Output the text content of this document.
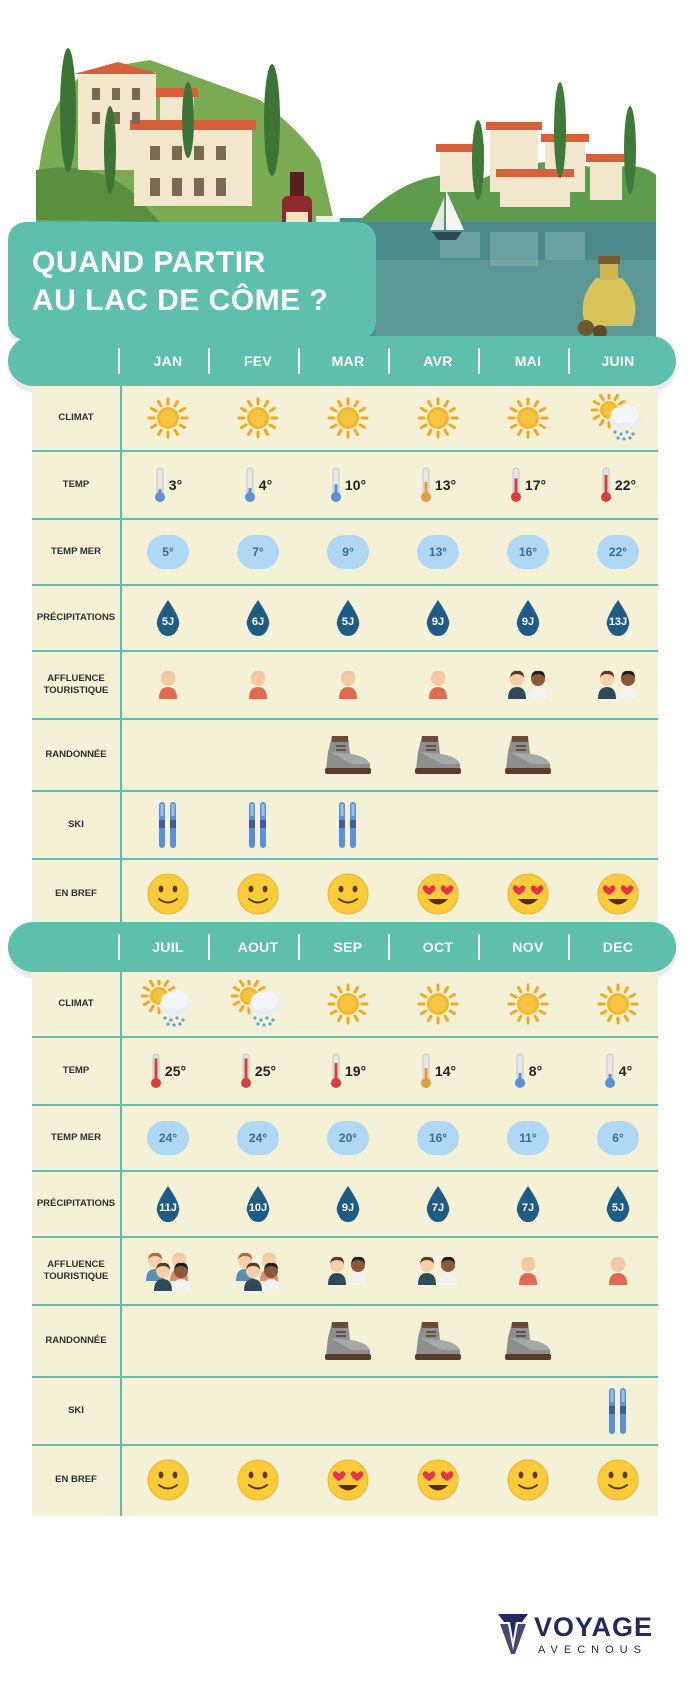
QUAND PARTIR
AU LAC DE CÔME ?
JAN	FEV	MAR	AVR	MAI	JUIN
CLIMAT
TEMP	3°	4°	10°	13°	17°	22°
TEMP MER	5°	7°	9°	13°	16°	22°
PRÉCIPITATIONS	5J	6J	5J	9J	9J	13J
AFFLUENCE TOURISTIQUE
RANDONNÉE
SKI
EN BREF
JUIL	AOUT	SEP	OCT	NOV	DEC
CLIMAT
TEMP	25°	25°	19°	14°	8°	4°
TEMP MER	24°	24°	20°	16°	11°	6°
PRÉCIPITATIONS	11J	10J	9J	7J	7J	5J
AFFLUENCE TOURISTIQUE
RANDONNÉE
SKI
EN BREF
VOYAGE
AVECNOUS
